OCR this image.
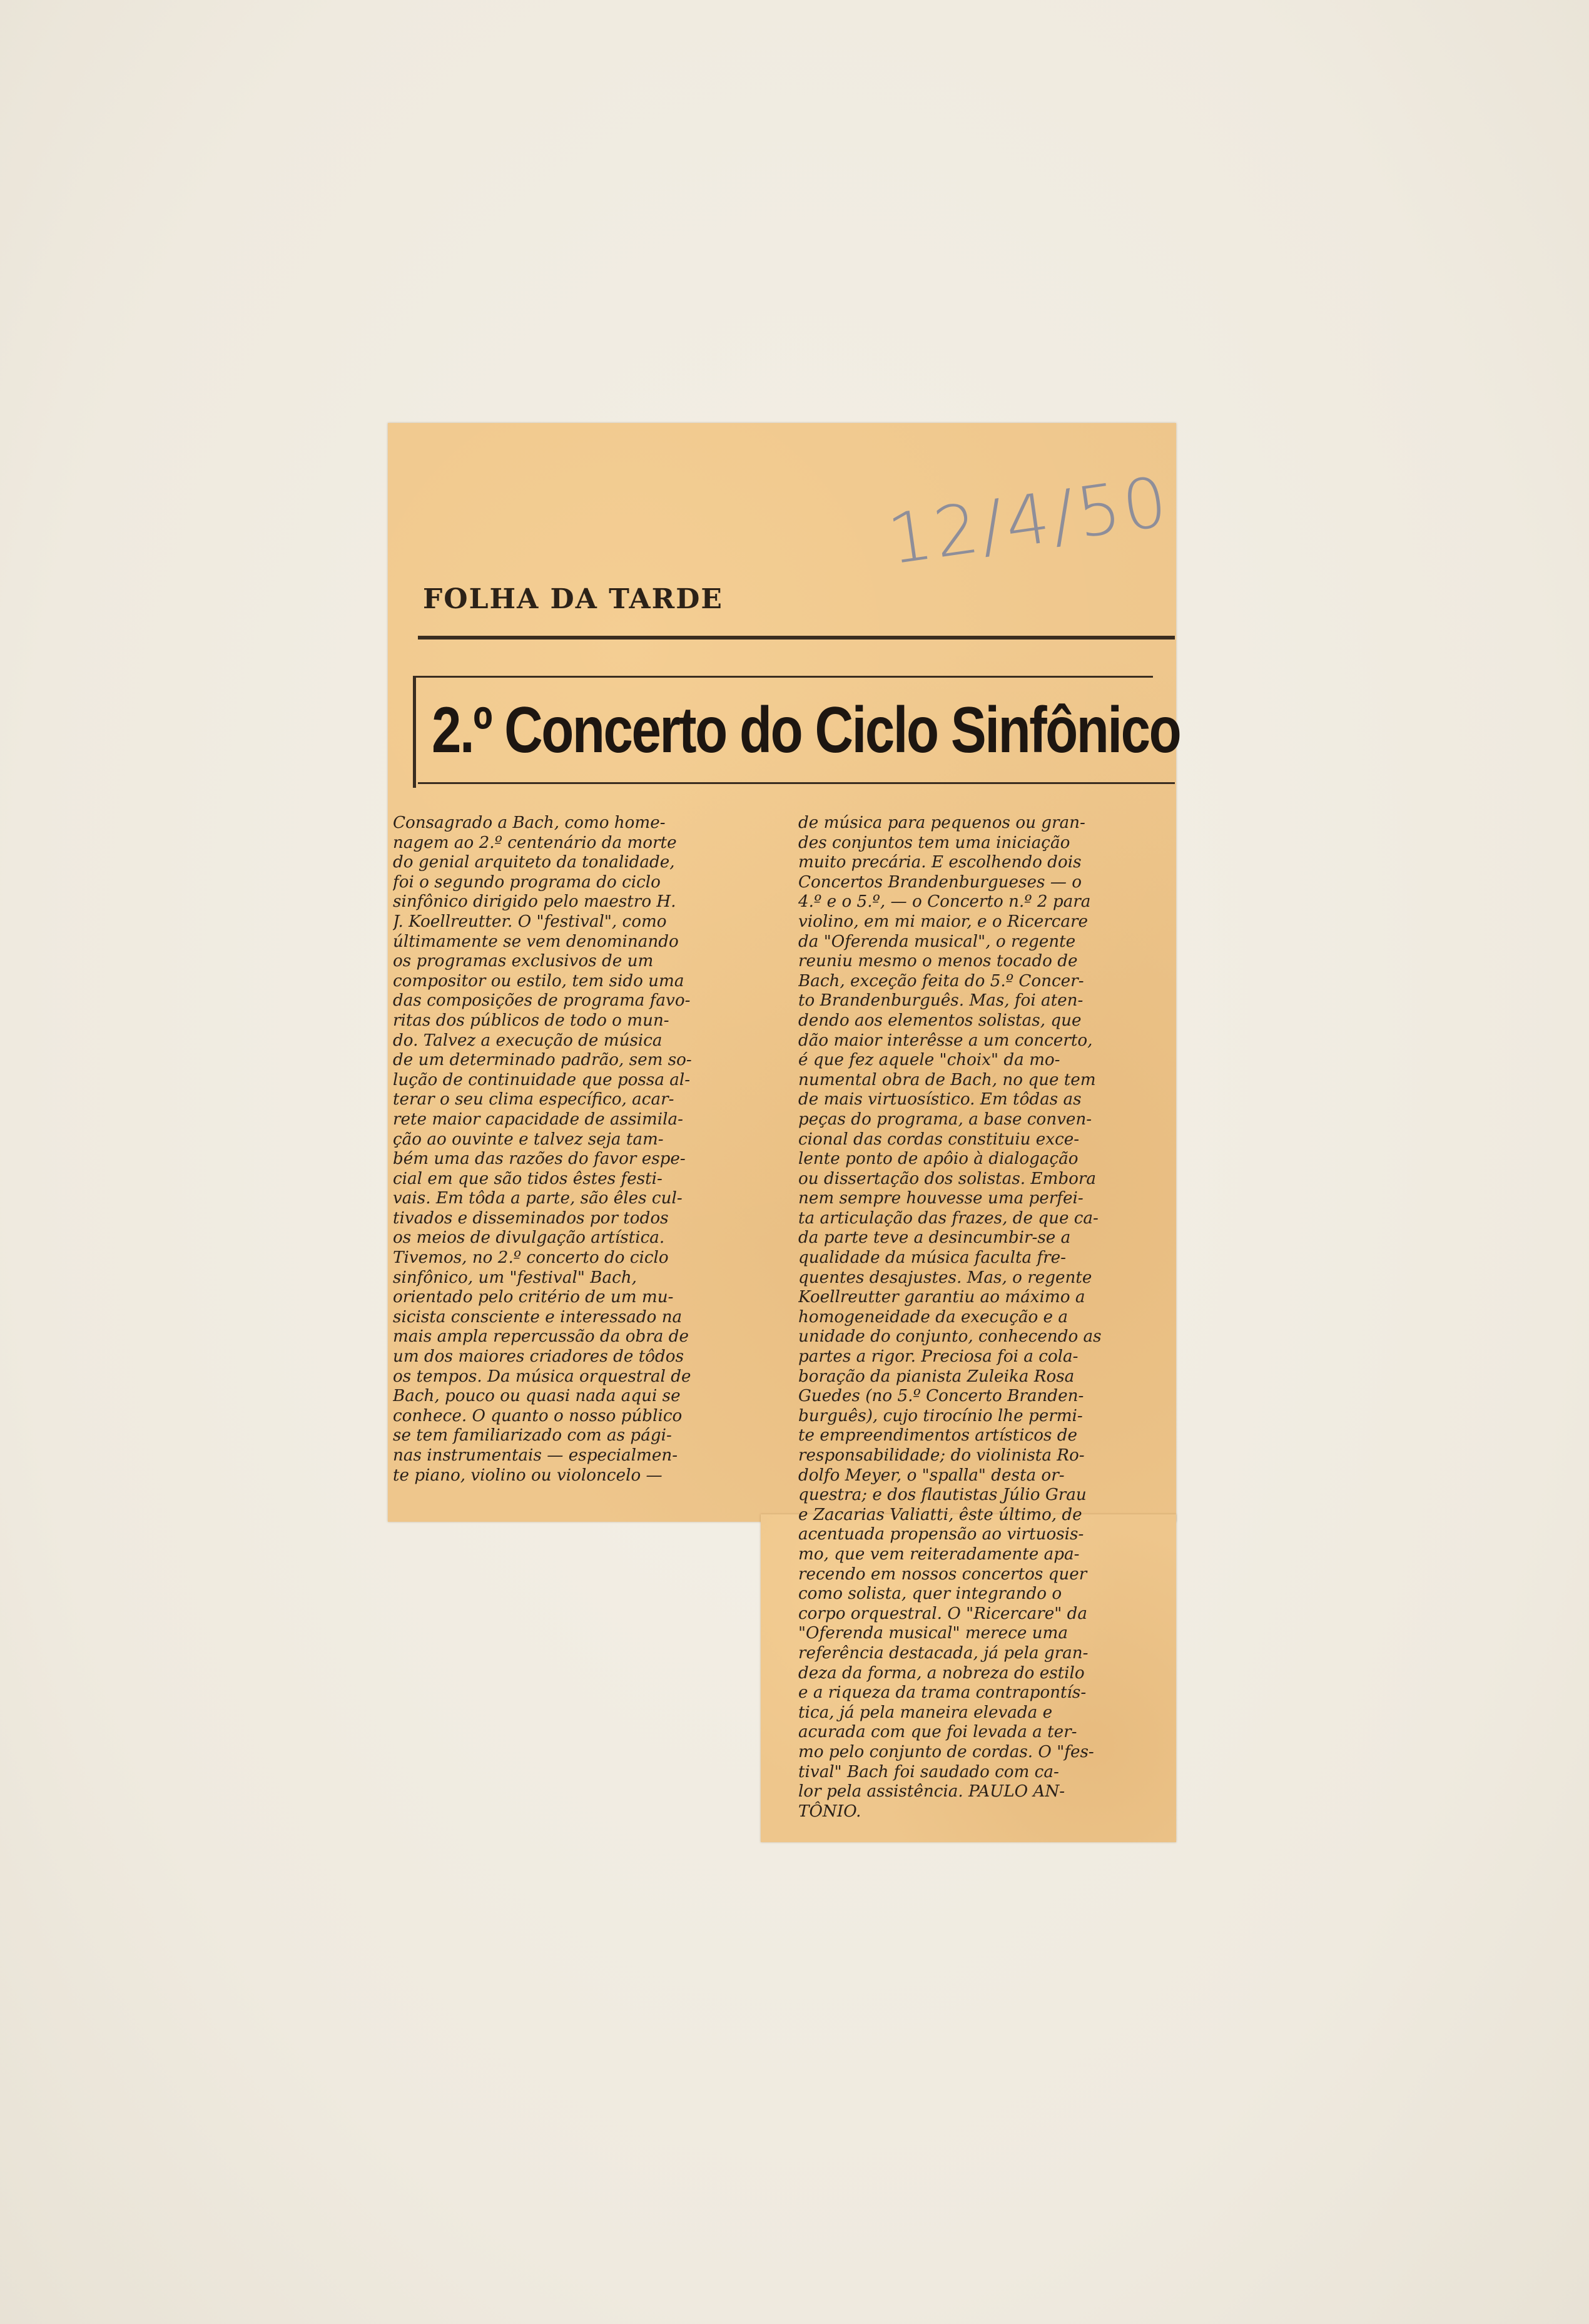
12/4/50
FOLHA DA TARDE
2.º Concerto do Ciclo Sinfônico
Consagrado a Bach, como home-
nagem ao 2.º centenário da morte
do genial arquiteto da tonalidade,
foi o segundo programa do ciclo
sinfônico dirigido pelo maestro H.
J. Koellreutter. O "festival", como
últimamente se vem denominando
os programas exclusivos de um
compositor ou estilo, tem sido uma
das composições de programa favo-
ritas dos públicos de todo o mun-
do. Talvez a execução de música
de um determinado padrão, sem so-
lução de continuidade que possa al-
terar o seu clima específico, acar-
rete maior capacidade de assimila-
ção ao ouvinte e talvez seja tam-
bém uma das razões do favor espe-
cial em que são tidos êstes festi-
vais. Em tôda a parte, são êles cul-
tivados e disseminados por todos
os meios de divulgação artística.
Tivemos, no 2.º concerto do ciclo
sinfônico, um "festival" Bach,
orientado pelo critério de um mu-
sicista consciente e interessado na
mais ampla repercussão da obra de
um dos maiores criadores de tôdos
os tempos. Da música orquestral de
Bach, pouco ou quasi nada aqui se
conhece. O quanto o nosso público
se tem familiarizado com as pági-
nas instrumentais — especialmen-
te piano, violino ou violoncelo —
de música para pequenos ou gran-
des conjuntos tem uma iniciação
muito precária. E escolhendo dois
Concertos Brandenburgueses — o
4.º e o 5.º, — o Concerto n.º 2 para
violino, em mi maior, e o Ricercare
da "Oferenda musical", o regente
reuniu mesmo o menos tocado de
Bach, exceção feita do 5.º Concer-
to Brandenburguês. Mas, foi aten-
dendo aos elementos solistas, que
dão maior interêsse a um concerto,
é que fez aquele "choix" da mo-
numental obra de Bach, no que tem
de mais virtuosístico. Em tôdas as
peças do programa, a base conven-
cional das cordas constituiu exce-
lente ponto de apôio à dialogação
ou dissertação dos solistas. Embora
nem sempre houvesse uma perfei-
ta articulação das frazes, de que ca-
da parte teve a desincumbir-se a
qualidade da música faculta fre-
quentes desajustes. Mas, o regente
Koellreutter garantiu ao máximo a
homogeneidade da execução e a
unidade do conjunto, conhecendo as
partes a rigor. Preciosa foi a cola-
boração da pianista Zuleika Rosa
Guedes (no 5.º Concerto Branden-
burguês), cujo tirocínio lhe permi-
te empreendimentos artísticos de
responsabilidade; do violinista Ro-
dolfo Meyer, o "spalla" desta or-
questra; e dos flautistas Júlio Grau
e Zacarias Valiatti, êste último, de
acentuada propensão ao virtuosis-
mo, que vem reiteradamente apa-
recendo em nossos concertos quer
como solista, quer integrando o
corpo orquestral. O "Ricercare" da
"Oferenda musical" merece uma
referência destacada, já pela gran-
deza da forma, a nobreza do estilo
e a riqueza da trama contrapontís-
tica, já pela maneira elevada e
acurada com que foi levada a ter-
mo pelo conjunto de cordas. O "fes-
tival" Bach foi saudado com ca-
lor pela assistência. PAULO AN-
TÔNIO.
